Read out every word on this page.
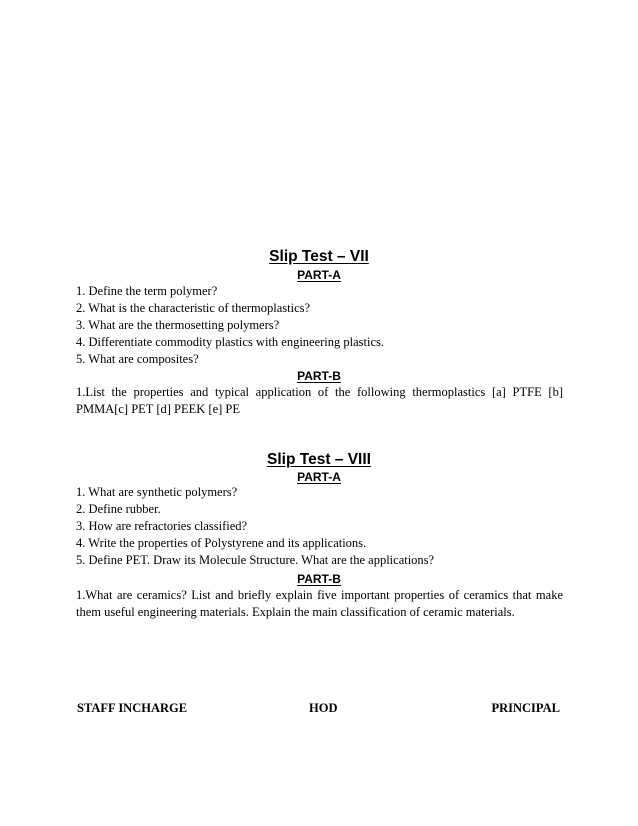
Slip Test – VII
PART-A
1. Define the term polymer?
2. What is the characteristic of thermoplastics?
3. What are the thermosetting polymers?
4. Differentiate commodity plastics with engineering plastics.
5. What are composites?
PART-B

1.List the properties and typical application of the following thermoplastics [a] PTFE [b] PMMA[c] PET [d] PEEK [e] PE

Slip Test – VIII
PART-A
1. What are synthetic polymers?
2. Define rubber.
3. How are refractories classified?
4. Write the properties of Polystyrene and its applications.
5. Define PET. Draw its Molecule Structure. What are the applications?
PART-B

1.What are ceramics? List and briefly explain five important properties of ceramics that make them useful engineering materials. Explain the main classification of ceramic materials.

STAFF INCHARGE	HOD	PRINCIPAL
